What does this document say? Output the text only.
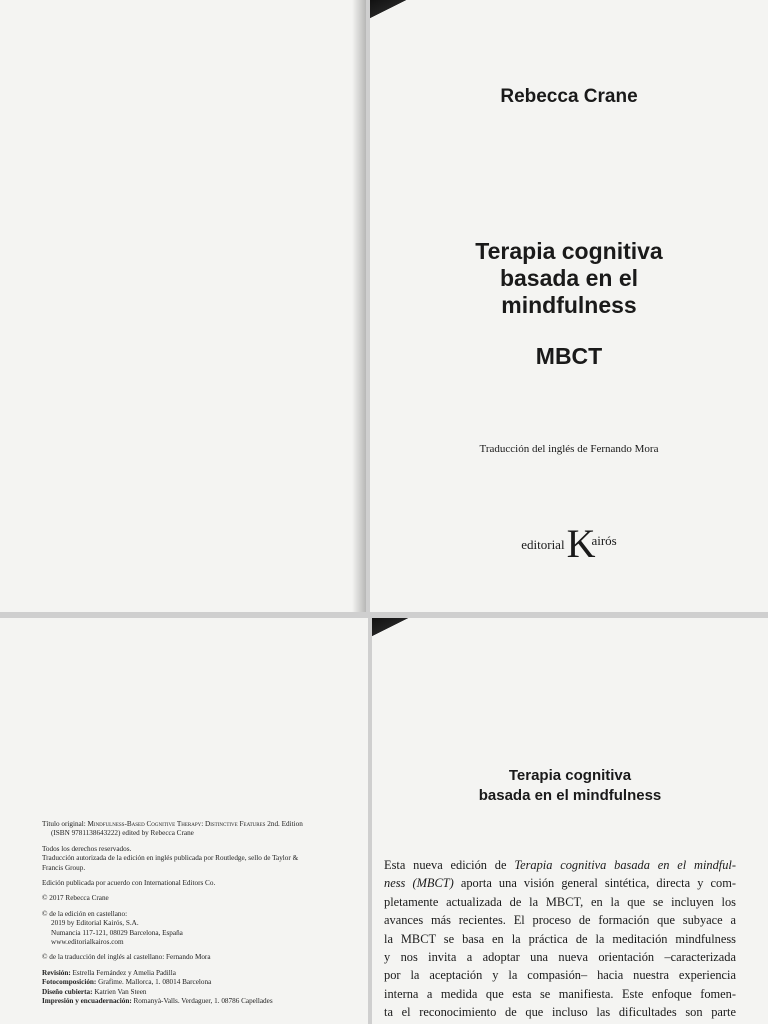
Rebecca Crane
Terapia cognitiva
basada en el
mindfulness
MBCT
Traducción del inglés de Fernando Mora
$^{editorial}K^{airós}$

Título original: Mindfulness-Based Cognitive Therapy: Distinctive Features 2nd. Edition

(ISBN 9781138643222) edited by Rebecca Crane

Todos los derechos reservados.

Traducción autorizada de la edición en inglés publicada por Routledge, sello de Taylor &

Francis Group.

Edición publicada por acuerdo con International Editors Co.

© 2017 Rebecca Crane

© de la edición en castellano:

2019 by Editorial Kairós, S.A.

Numancia 117-121, 08029 Barcelona, España

www.editorialkairos.com

© de la traducción del inglés al castellano: Fernando Mora

Revisión: Estrella Fernández y Amelia Padilla

Fotocomposición: Grafime. Mallorca, 1. 08014 Barcelona

Diseño cubierta: Katrien Van Steen

Impresión y encuadernación: Romanyà-Valls. Verdaguer, 1. 08786 Capellades

Terapia cognitiva
basada en el mindfulness
Esta nueva edición de Terapia cognitiva basada en el mindful-
ness (MBCT) aporta una visión general sintética, directa y com-
pletamente actualizada de la MBCT, en la que se incluyen los
avances más recientes. El proceso de formación que subyace a
la MBCT se basa en la práctica de la meditación mindfulness
y nos invita a adoptar una nueva orientación –caracterizada
por la aceptación y la compasión– hacia nuestra experiencia
interna a medida que esta se manifiesta. Este enfoque fomen-
ta el reconocimiento de que incluso las dificultades son parte
